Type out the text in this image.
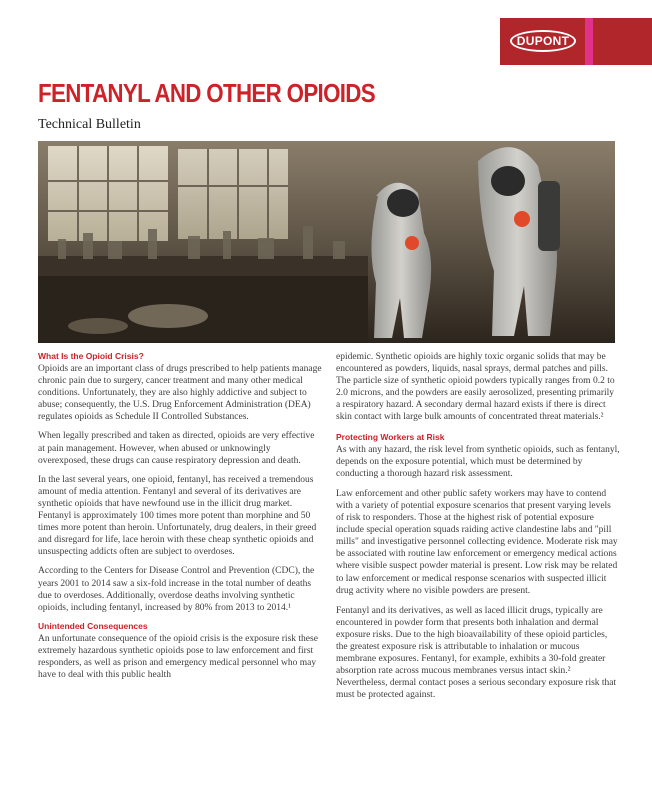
DUPONT
FENTANYL AND OTHER OPIOIDS
Technical Bulletin
What Is the Opioid Crisis?

Opioids are an important class of drugs prescribed to help patients manage chronic pain due to surgery, cancer treatment and many other medical conditions. Unfortunately, they are also highly addictive and subject to abuse; consequently, the U.S. Drug Enforcement Administration (DEA) regulates opioids as Schedule II Controlled Substances.

When legally prescribed and taken as directed, opioids are very effective at pain management. However, when abused or unknowingly overexposed, these drugs can cause respiratory depression and death.

In the last several years, one opioid, fentanyl, has received a tremendous amount of media attention. Fentanyl and several of its derivatives are synthetic opioids that have newfound use in the illicit drug market. Fentanyl is approximately 100 times more potent than morphine and 50 times more potent than heroin. Unfortunately, drug dealers, in their greed and disregard for life, lace heroin with these cheap synthetic opioids and unsuspecting addicts often are subject to overdoses.

According to the Centers for Disease Control and Prevention (CDC), the years 2001 to 2014 saw a six-fold increase in the total number of deaths due to overdoses. Additionally, overdose deaths involving synthetic opioids, including fentanyl, increased by 80% from 2013 to 2014.¹

Unintended Consequences

An unfortunate consequence of the opioid crisis is the exposure risk these extremely hazardous synthetic opioids pose to law enforcement and first responders, as well as prison and emergency medical personnel who may have to deal with this public health

epidemic. Synthetic opioids are highly toxic organic solids that may be encountered as powders, liquids, nasal sprays, dermal patches and pills. The particle size of synthetic opioid powders typically ranges from 0.2 to 2.0 microns, and the powders are easily aerosolized, presenting primarily a respiratory hazard. A secondary dermal hazard exists if there is direct skin contact with large bulk amounts of concentrated threat materials.²

Protecting Workers at Risk

As with any hazard, the risk level from synthetic opioids, such as fentanyl, depends on the exposure potential, which must be determined by conducting a thorough hazard risk assessment.

Law enforcement and other public safety workers may have to contend with a variety of potential exposure scenarios that present varying levels of risk to responders. Those at the highest risk of potential exposure include special operation squads raiding active clandestine labs and "pill mills" and investigative personnel collecting evidence. Moderate risk may be associated with routine law enforcement or emergency medical actions where visible suspect powder material is present. Low risk may be related to law enforcement or medical response scenarios with suspected illicit drug activity where no visible powders are present.

Fentanyl and its derivatives, as well as laced illicit drugs, typically are encountered in powder form that presents both inhalation and dermal exposure risks. Due to the high bioavailability of these opioid particles, the greatest exposure risk is attributable to inhalation or mucous membrane exposures. Fentanyl, for example, exhibits a 30-fold greater absorption rate across mucous membranes versus intact skin.² Nevertheless, dermal contact poses a serious secondary exposure risk that must be protected against.
